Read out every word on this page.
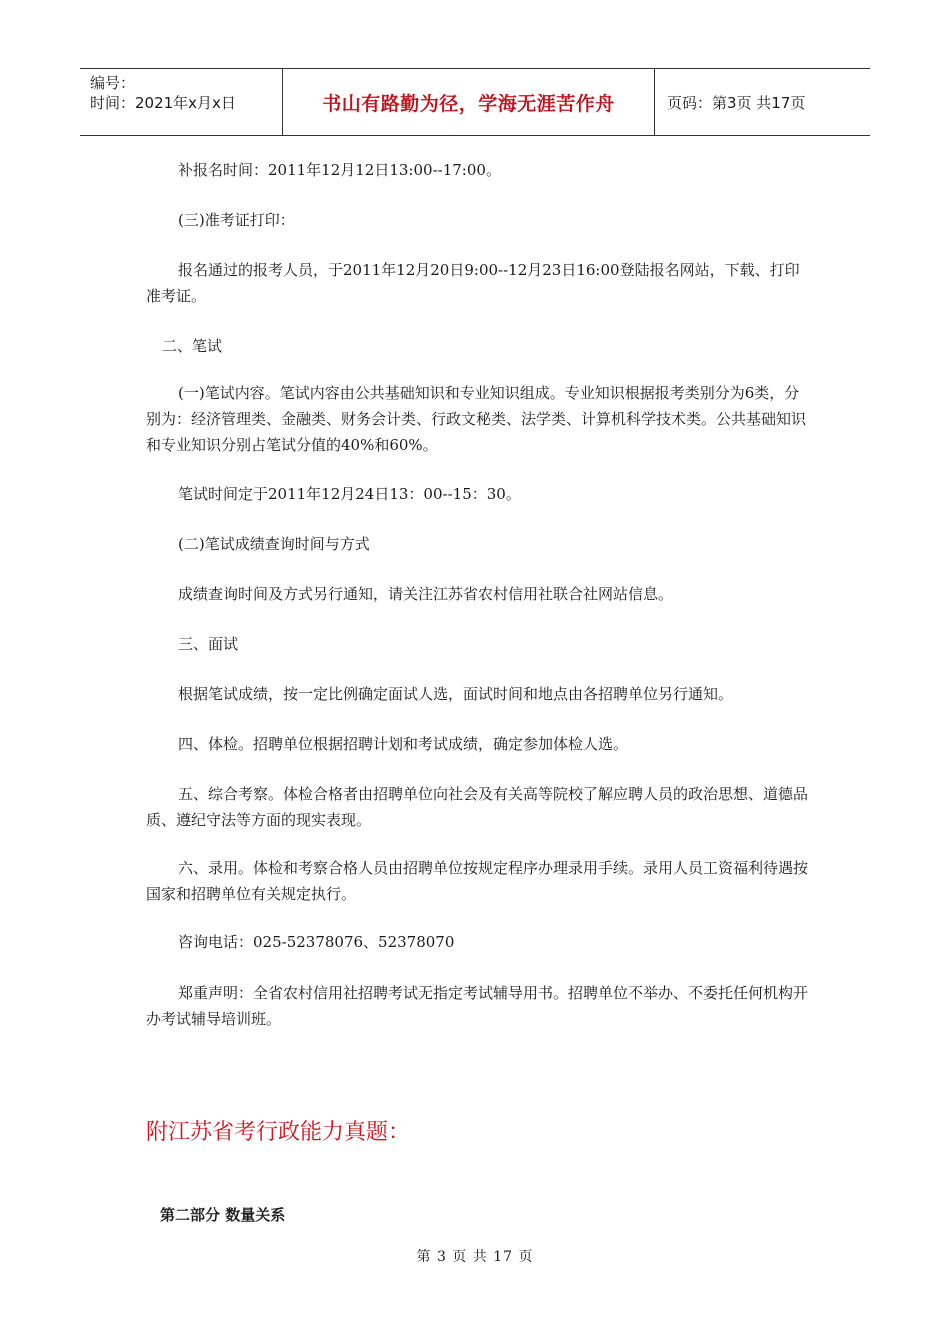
编号：
时间：2021年x月x日	书山有路勤为径，学海无涯苦作舟	页码：第3页 共17页

补报名时间：2011年12月12日13:00--17:00。

(三)准考证打印：

报名通过的报考人员，于2011年12月20日9:00--12月23日16:00登陆报名网站，下载、打印准考证。

二、笔试

(一)笔试内容。笔试内容由公共基础知识和专业知识组成。专业知识根据报考类别分为6类，分别为：经济管理类、金融类、财务会计类、行政文秘类、法学类、计算机科学技术类。公共基础知识和专业知识分别占笔试分值的40%和60%。

笔试时间定于2011年12月24日13：00--15：30。

(二)笔试成绩查询时间与方式

成绩查询时间及方式另行通知，请关注江苏省农村信用社联合社网站信息。

三、面试

根据笔试成绩，按一定比例确定面试人选，面试时间和地点由各招聘单位另行通知。

四、体检。招聘单位根据招聘计划和考试成绩，确定参加体检人选。

五、综合考察。体检合格者由招聘单位向社会及有关高等院校了解应聘人员的政治思想、道德品质、遵纪守法等方面的现实表现。

六、录用。体检和考察合格人员由招聘单位按规定程序办理录用手续。录用人员工资福利待遇按国家和招聘单位有关规定执行。

咨询电话：025-52378076、52378070

郑重声明：全省农村信用社招聘考试无指定考试辅导用书。招聘单位不举办、不委托任何机构开办考试辅导培训班。

附江苏省考行政能力真题：
第二部分 数量关系
第 3 页 共 17 页
